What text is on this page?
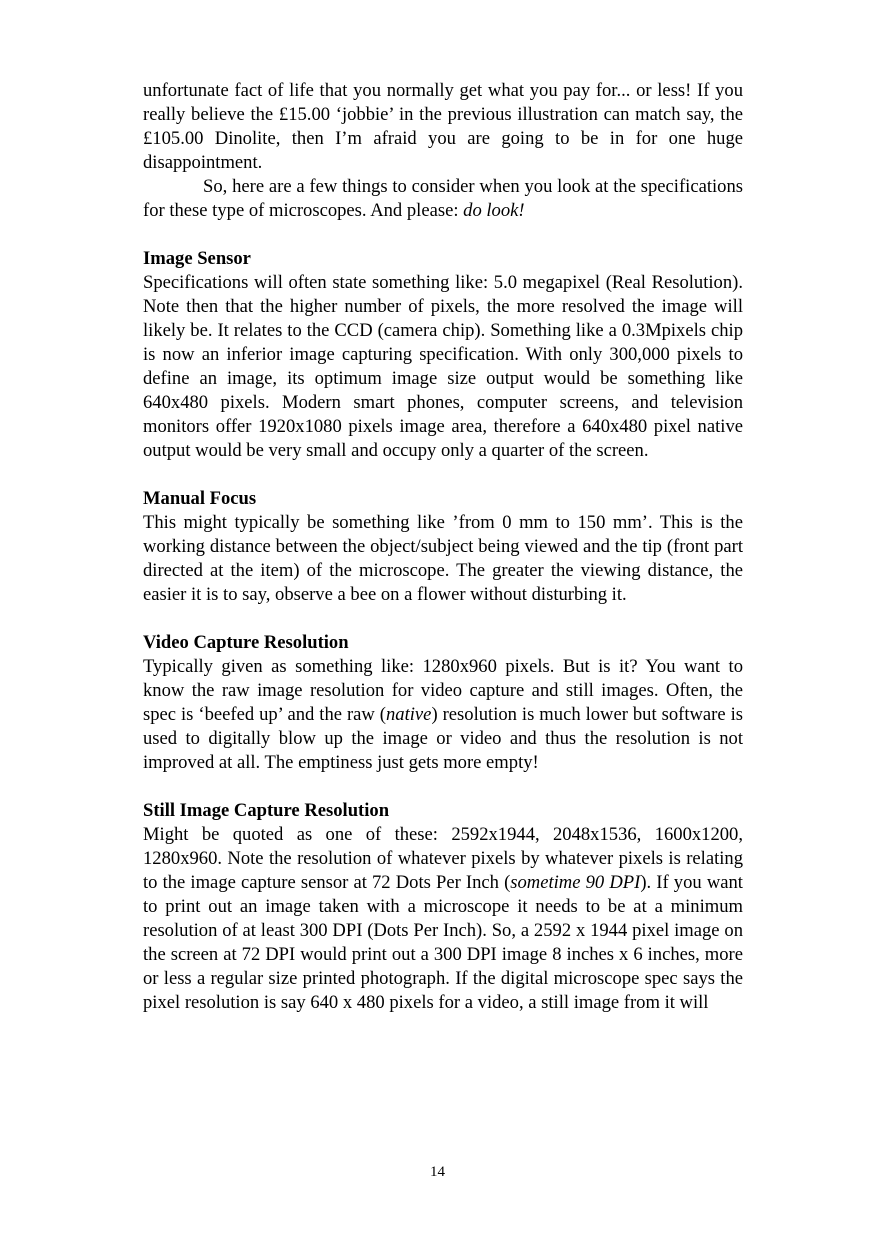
unfortunate fact of life that you normally get what you pay for... or less! If you really believe the £15.00 ‘jobbie’ in the previous illustration can match say, the £105.00 Dinolite, then I’m afraid you are going to be in for one huge disappointment.

So, here are a few things to consider when you look at the specifications for these type of microscopes. And please: do look!

Image Sensor

Specifications will often state something like: 5.0 megapixel (Real Resolution). Note then that the higher number of pixels, the more resolved the image will likely be. It relates to the CCD (camera chip). Something like a 0.3Mpixels chip is now an inferior image capturing specification. With only 300,000 pixels to define an image, its optimum image size output would be something like 640x480 pixels. Modern smart phones, computer screens, and television monitors offer 1920x1080 pixels image area, therefore a 640x480 pixel native output would be very small and occupy only a quarter of the screen.

Manual Focus

This might typically be something like ’from 0 mm to 150 mm’. This is the working distance between the object/subject being viewed and the tip (front part directed at the item) of the microscope. The greater the viewing distance, the easier it is to say, observe a bee on a flower without disturbing it.

Video Capture Resolution

Typically given as something like: 1280x960 pixels. But is it? You want to know the raw image resolution for video capture and still images. Often, the spec is ‘beefed up’ and the raw (native) resolution is much lower but software is used to digitally blow up the image or video and thus the resolution is not improved at all. The emptiness just gets more empty!

Still Image Capture Resolution

Might be quoted as one of these: 2592x1944, 2048x1536, 1600x1200, 1280x960. Note the resolution of whatever pixels by whatever pixels is relating to the image capture sensor at 72 Dots Per Inch (sometime 90 DPI). If you want to print out an image taken with a microscope it needs to be at a minimum resolution of at least 300 DPI (Dots Per Inch). So, a 2592 x 1944 pixel image on the screen at 72 DPI would print out a 300 DPI image 8 inches x 6 inches, more or less a regular size printed photograph. If the digital microscope spec says the pixel resolution is say 640 x 480 pixels for a video, a still image from it will

14
